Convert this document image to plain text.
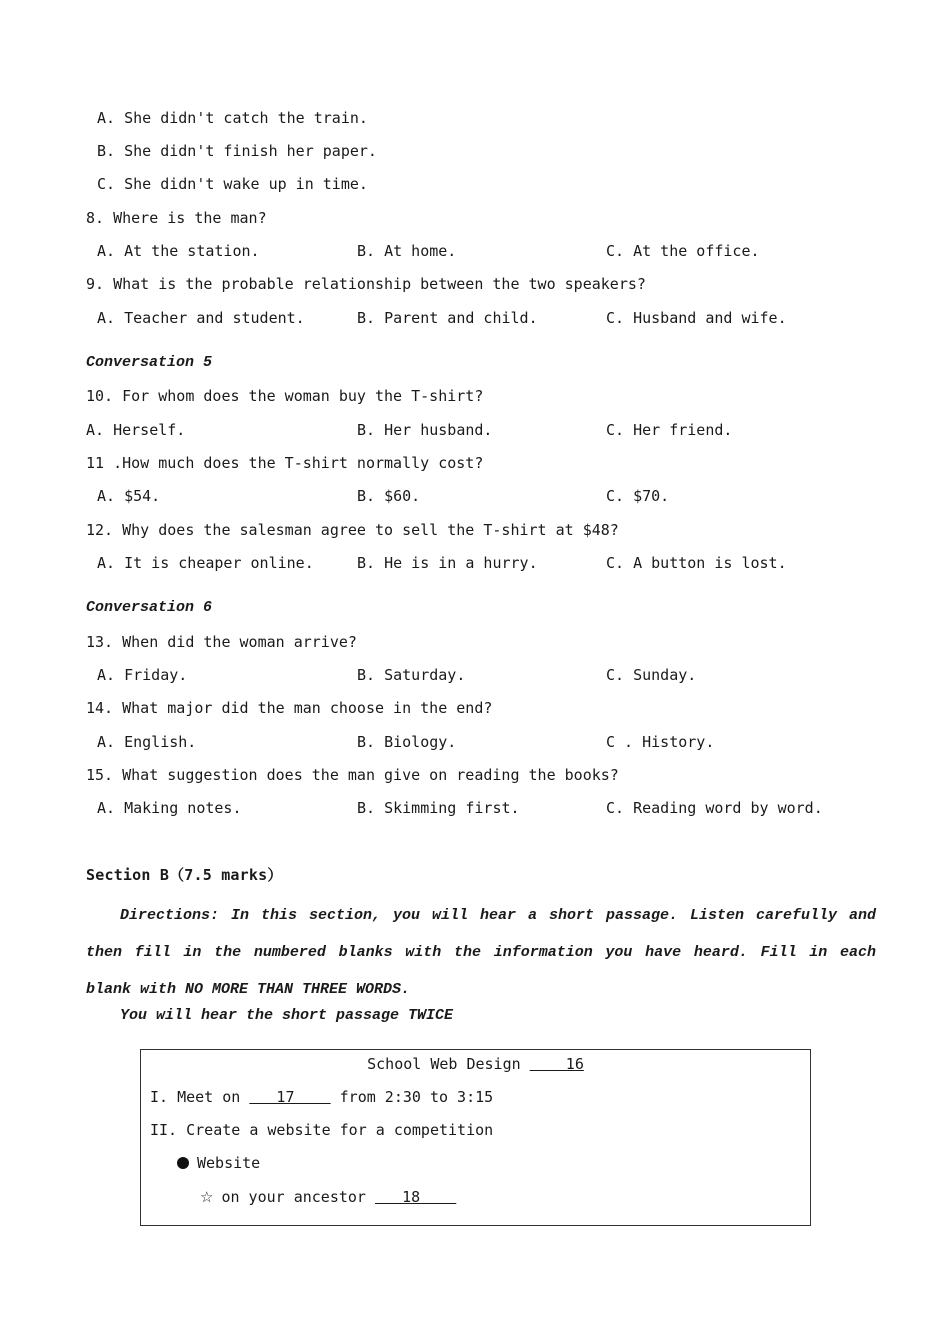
A. She didn't catch the train.
B. She didn't finish her paper.
C. She didn't wake up in time.
8. Where is the man?
A. At the station.	B. At home.	C. At the office.
9. What is the probable relationship between the two speakers?
A. Teacher and student.	B. Parent and child.	C. Husband and wife.
Conversation 5
10. For whom does the woman buy the T-shirt?
A. Herself.	B. Her husband.	C. Her friend.
11 .How much does the T-shirt normally cost?
A. $54.	B. $60.	C. $70.
12. Why does the salesman agree to sell the T-shirt at $48?
A. It is cheaper online.	B. He is in a hurry.	C. A button is lost.
Conversation 6
13. When did the woman arrive?
A. Friday.	B. Saturday.	C. Sunday.
14. What major did the man choose in the end?
A. English.	B. Biology.	C . History.
15. What suggestion does the man give on reading the books?
A. Making notes.	B. Skimming first.	C. Reading word by word.
Section B（7.5 marks）
Directions: In this section, you will hear a short passage. Listen carefully and then fill in the numbered blanks with the information you have heard. Fill in each blank with NO MORE THAN THREE WORDS.
You will hear the short passage TWICE
School Web Design     16
I. Meet on    17     from 2:30 to 3:15
II. Create a website for a competition
Website
☆ on your ancestor    18
